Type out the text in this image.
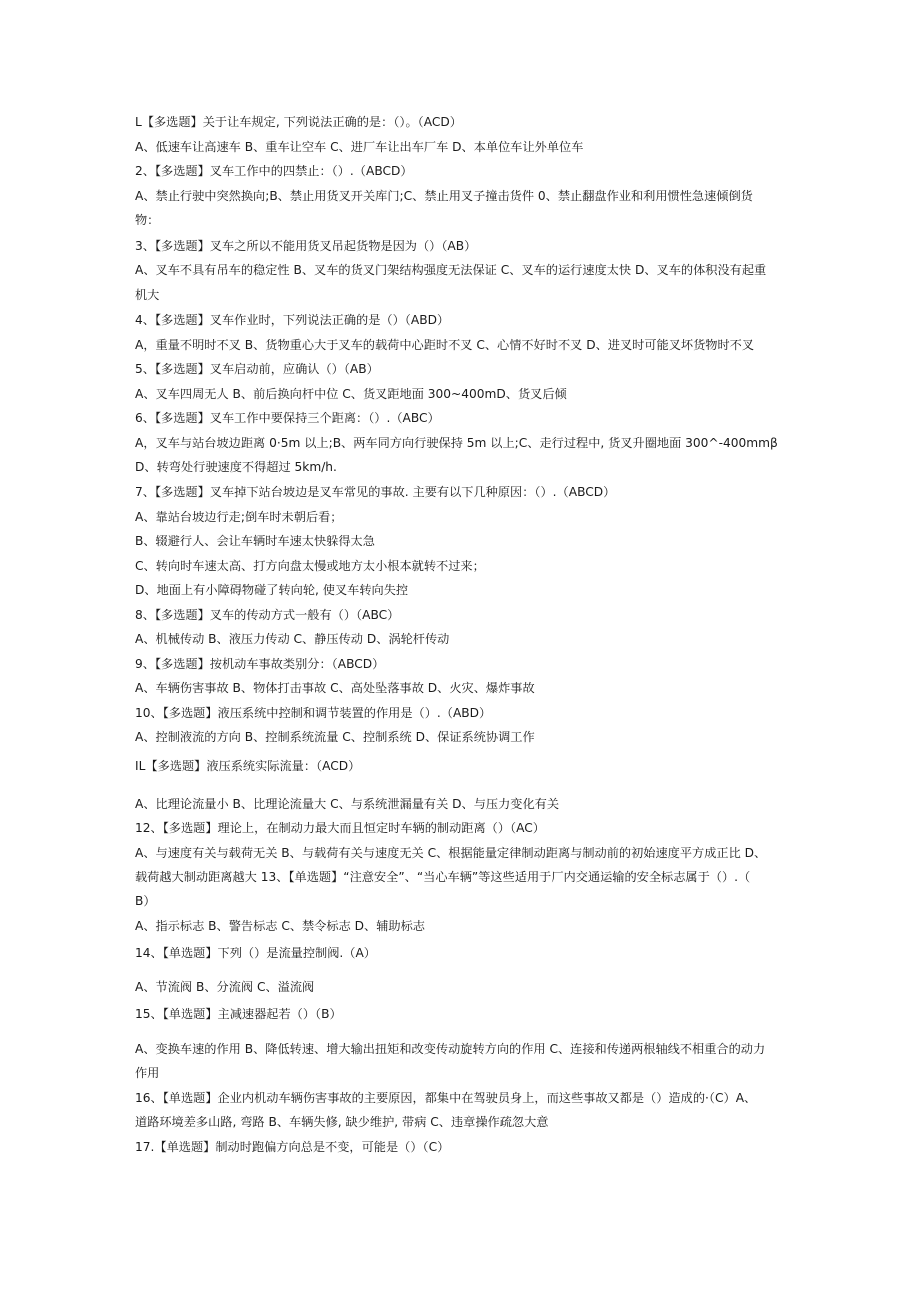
L【多选题】关于让车规定, 下列说法正确的是：（）。（ACD）
A、低速车让高速车 B、重车让空车 C、进厂车让出车厂车 D、本单位车让外单位车
2、【多选题】叉车工作中的四禁止：（）.（ABCD）
A、禁止行驶中突然换向;B、禁止用货叉开关库门;C、禁止用叉子撞击货件 0、禁止翻盘作业和利用惯性急速倾倒货
物：
3、【多选题】叉车之所以不能用货叉吊起货物是因为（）（AB）
A、叉车不具有吊车的稳定性 B、叉车的货叉门架结构强度无法保证 C、叉车的运行速度太快 D、叉车的体积没有起重
机大
4、【多选题】叉车作业时，下列说法正确的是（）（ABD）
A，重量不明时不叉 B、货物重心大于叉车的载荷中心距时不叉 C、心情不好时不叉 D、进叉时可能叉坏货物时不叉
5、【多选题】叉车启动前，应确认（）（AB）
A、叉车四周无人 B、前后换向杆中位 C、货叉距地面 300~400mD、货叉后倾
6、【多选题】叉车工作中要保持三个距离：（）.（ABC）
A，叉车与站台坡边距离 0·5m 以上;B、两车同方向行驶保持 5m 以上;C、走行过程中, 货叉升圈地面 300^-400mmβ
D、转弯处行驶速度不得超过 5km∕h.
7、【多选题】叉车掉下站台坡边是叉车常见的事故. 主要有以下几种原因：（）.（ABCD）
A、靠站台坡边行走;倒车时未朝后看；
B、辍避行人、会让车辆时车速太快躲得太急
C、转向时车速太高、打方向盘太慢或地方太小根本就转不过来；
D、地面上有小障碍物碰了转向轮, 使叉车转向失控
8、【多选题】叉车的传动方式一般有（）（ABC）
A、机械传动 B、液压力传动 C、静压传动 D、涡轮杆传动
9、【多选题】按机动车事故类别分：（ABCD）
A、车辆伤害事故 B、物体打击事故 C、高处坠落事故 D、火灾、爆炸事故
10、【多选题】液压系统中控制和调节装置的作用是（）.（ABD）
A、控制液流的方向 B、控制系统流量 C、控制系统 D、保证系统协调工作
IL【多选题】液压系统实际流量：（ACD）
A、比理论流量小 B、比理论流量大 C、与系统泄漏量有关 D、与压力变化有关
12、【多选题】理论上，在制动力最大而且恒定时车辆的制动距离（）（AC）
A、与速度有关与载荷无关 B、与载荷有关与速度无关 C、根据能量定律制动距离与制动前的初始速度平方成正比 D、
载荷越大制动距离越大 13、【单选题】“注意安全”、“当心车辆”等这些适用于厂内交通运输的安全标志属于（）.（
B）
A、指示标志 B、警告标志 C、禁令标志 D、辅助标志
14、【单选题】下列（）是流量控制阀.（A）
A、节流阀 B、分流阀 C、溢流阀
15、【单选题】主减速器起若（）（B）
A、变换车速的作用 B、降低转速、增大输出扭矩和改变传动旋转方向的作用 C、连接和传递两根轴线不相重合的动力
作用
16、【单选题】企业内机动车辆伤害事故的主要原因，都集中在驾驶员身上，而这些事故又都是（）造成的·（C）A、
道路环境差多山路, 弯路 B、车辆失修, 缺少维护, 带病 C、违章操作疏忽大意
17.【单选题】制动时跑偏方向总是不变，可能是（）（C）
